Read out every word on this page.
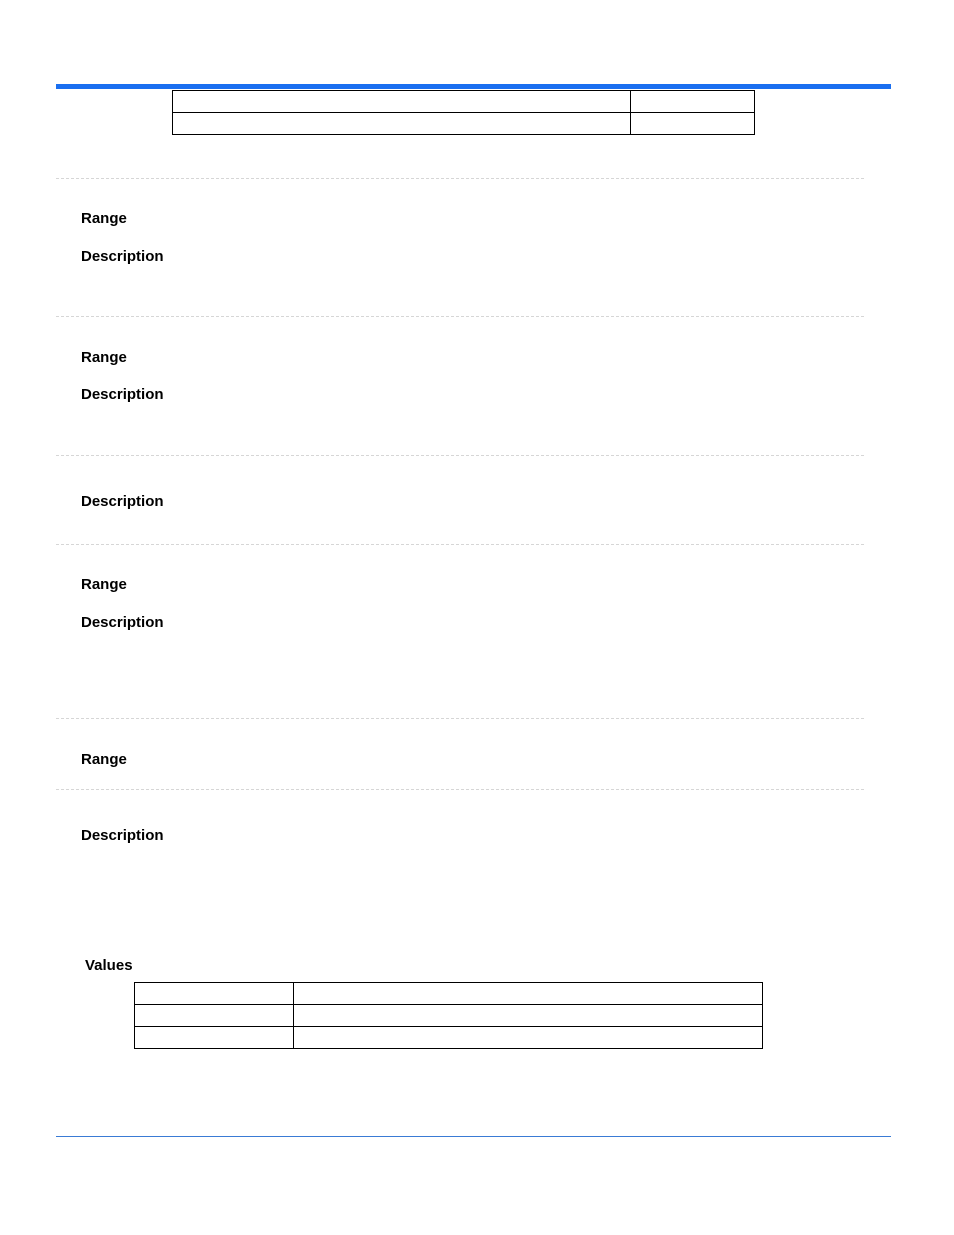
Range
Description
Range
Description
Description
Range
Description
Range
Description
Values
